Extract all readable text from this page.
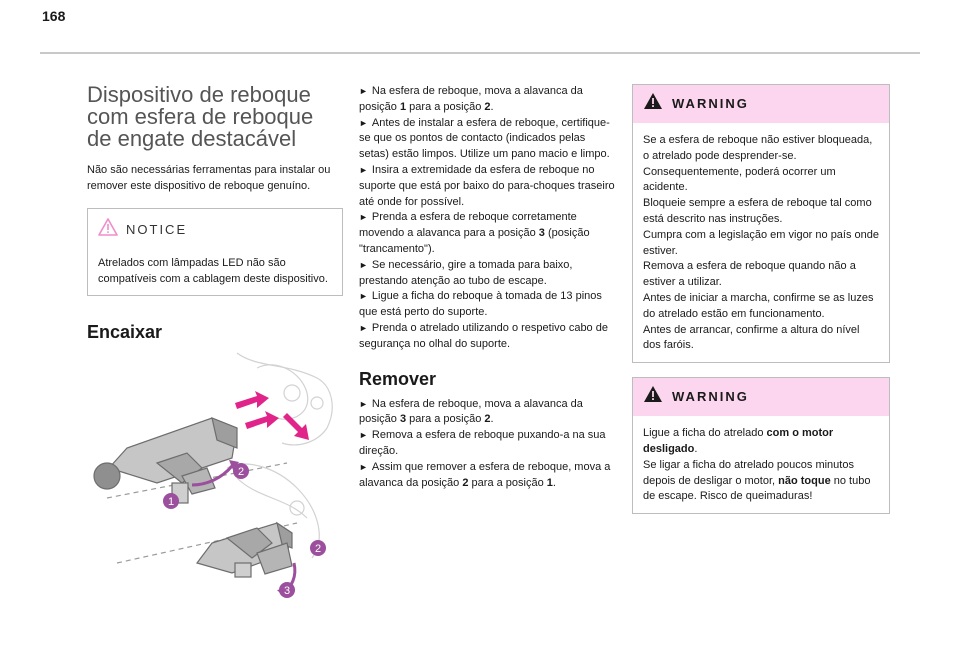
168
Dispositivo de reboque com esfera de reboque de engate destacável

Não são necessárias ferramentas para instalar ou remover este dispositivo de reboque genuíno.

NOTICE
Atrelados com lâmpadas LED não são compatíveis com a cablagem deste dispositivo.
Encaixar
1
2
2
3

► Na esfera de reboque, mova a alavanca da posição 1 para a posição 2.

► Antes de instalar a esfera de reboque, certifique-se que os pontos de contacto (indicados pelas setas) estão limpos. Utilize um pano macio e limpo.

► Insira a extremidade da esfera de reboque no suporte que está por baixo do para-choques traseiro até onde for possível.

► Prenda a esfera de reboque corretamente movendo a alavanca para a posição 3 (posição "trancamento").

► Se necessário, gire a tomada para baixo, prestando atenção ao tubo de escape.

► Ligue a ficha do reboque à tomada de 13 pinos que está perto do suporte.

► Prenda o atrelado utilizando o respetivo cabo de segurança no olhal do suporte.

Remover

► Na esfera de reboque, mova a alavanca da posição 3 para a posição 2.

► Remova a esfera de reboque puxando-a na sua direção.

► Assim que remover a esfera de reboque, mova a alavanca da posição 2 para a posição 1.

WARNING

Se a esfera de reboque não estiver bloqueada, o atrelado pode desprender-se. Consequentemente, poderá ocorrer um acidente.

Bloqueie sempre a esfera de reboque tal como está descrito nas instruções.

Cumpra com a legislação em vigor no país onde estiver.

Remova a esfera de reboque quando não a estiver a utilizar.

Antes de iniciar a marcha, confirme se as luzes do atrelado estão em funcionamento.

Antes de arrancar, confirme a altura do nível dos faróis.

WARNING

Ligue a ficha do atrelado com o motor desligado.

Se ligar a ficha do atrelado poucos minutos depois de desligar o motor, não toque no tubo de escape. Risco de queimaduras!
